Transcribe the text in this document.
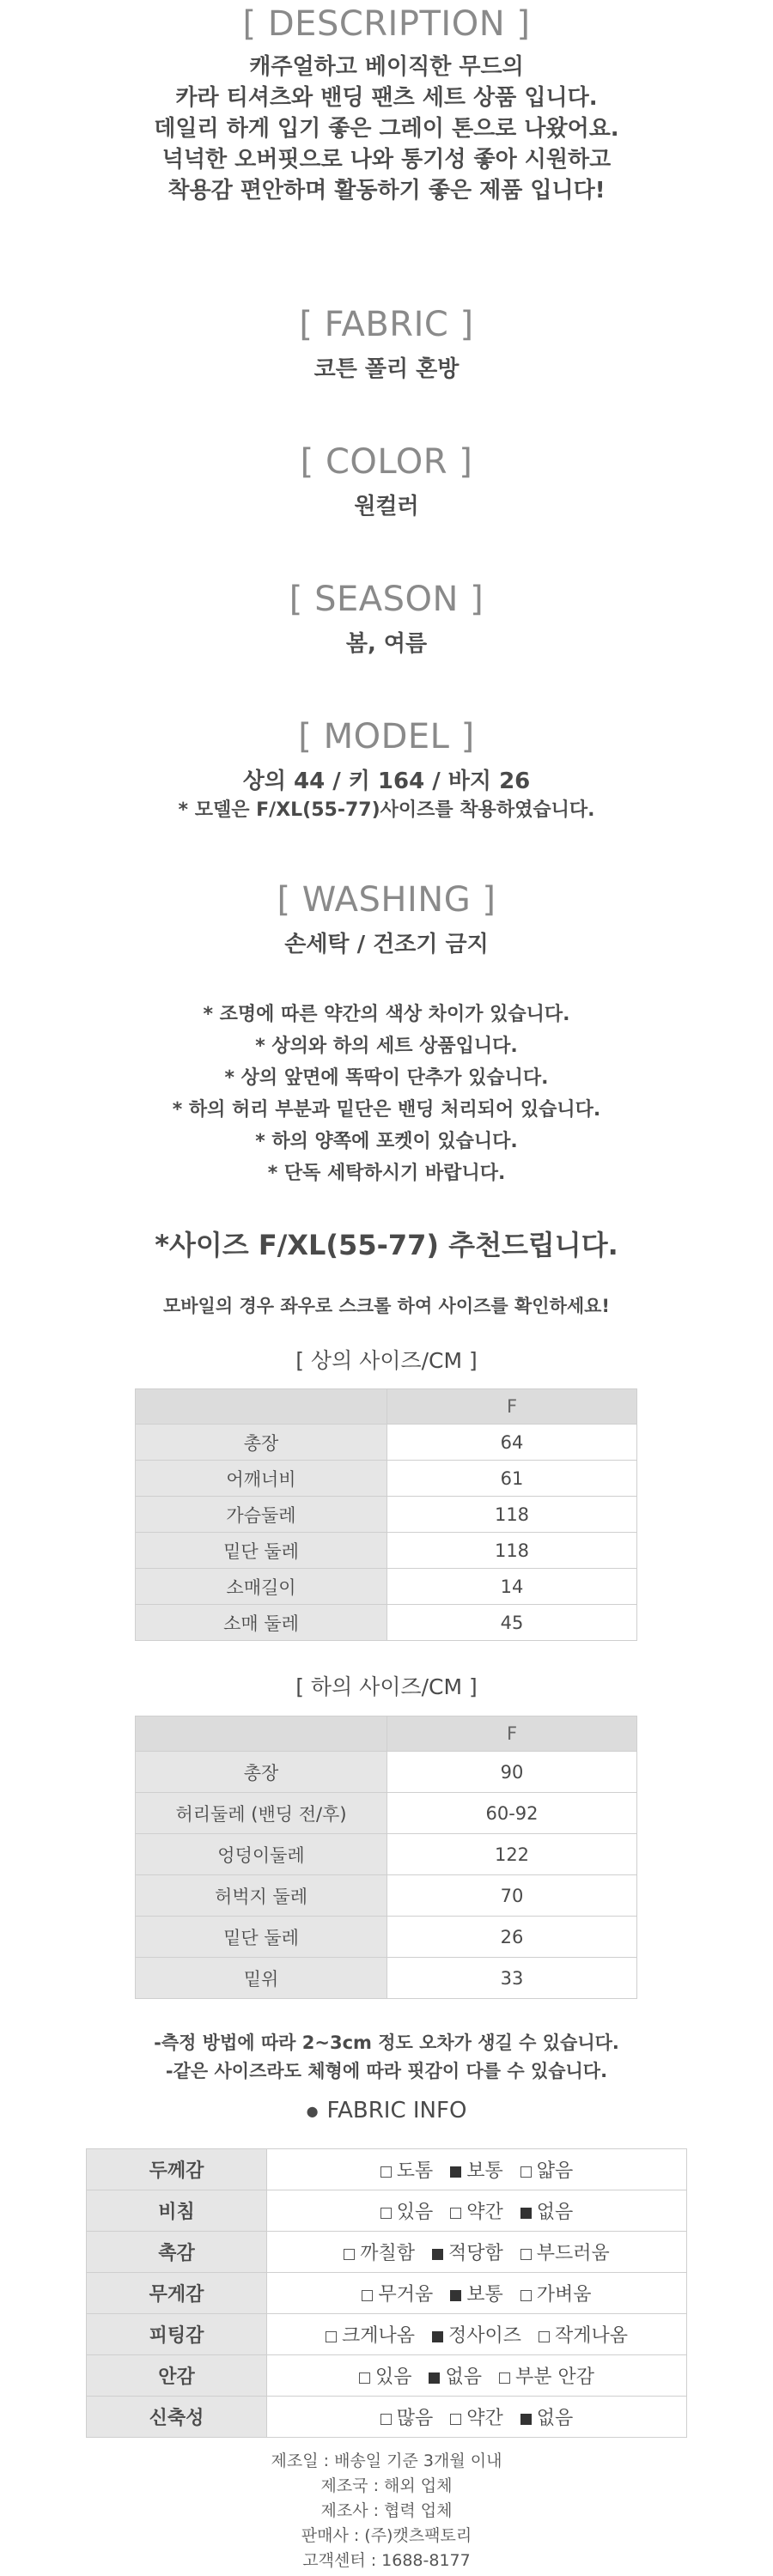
[ DESCRIPTION ]

캐주얼하고 베이직한 무드의

카라 티셔츠와 밴딩 팬츠 세트 상품 입니다.

데일리 하게 입기 좋은 그레이 톤으로 나왔어요.

넉넉한 오버핏으로 나와 통기성 좋아 시원하고

착용감 편안하며 활동하기 좋은 제품 입니다!

[ FABRIC ]

코튼 폴리 혼방

[ COLOR ]

원컬러

[ SEASON ]

봄, 여름

[ MODEL ]

상의 44 / 키 164 / 바지 26

* 모델은 F/XL(55-77)사이즈를 착용하였습니다.

[ WASHING ]

손세탁 / 건조기 금지

* 조명에 따른 약간의 색상 차이가 있습니다.

* 상의와 하의 세트 상품입니다.

* 상의 앞면에 똑딱이 단추가 있습니다.

* 하의 허리 부분과 밑단은 밴딩 처리되어 있습니다.

* 하의 양쪽에 포켓이 있습니다.

* 단독 세탁하시기 바랍니다.

*사이즈 F/XL(55-77) 추천드립니다.
모바일의 경우 좌우로 스크롤 하여 사이즈를 확인하세요!
[ 상의 사이즈/CM ]
	F
총장	64
어깨너비	61
가슴둘레	118
밑단 둘레	118
소매길이	14
소매 둘레	45
[ 하의 사이즈/CM ]
	F
총장	90
허리둘레 (밴딩 전/후)	60-92
엉덩이둘레	122
허벅지 둘레	70
밑단 둘레	26
밑위	33

-측정 방법에 따라 2~3cm 정도 오차가 생길 수 있습니다.

-같은 사이즈라도 체형에 따라 핏감이 다를 수 있습니다.

● FABRIC INFO
두께감	도톰 보통 얇음
비침	있음 약간 없음
촉감	까칠함 적당함 부드러움
무게감	무거움 보통 가벼움
피팅감	크게나옴 정사이즈 작게나옴
안감	있음 없음 부분 안감
신축성	많음 약간 없음

제조일 : 배송일 기준 3개월 이내

제조국 : 해외 업체

제조사 : 협력 업체

판매사 : (주)캣츠팩토리

고객센터 : 1688-8177
